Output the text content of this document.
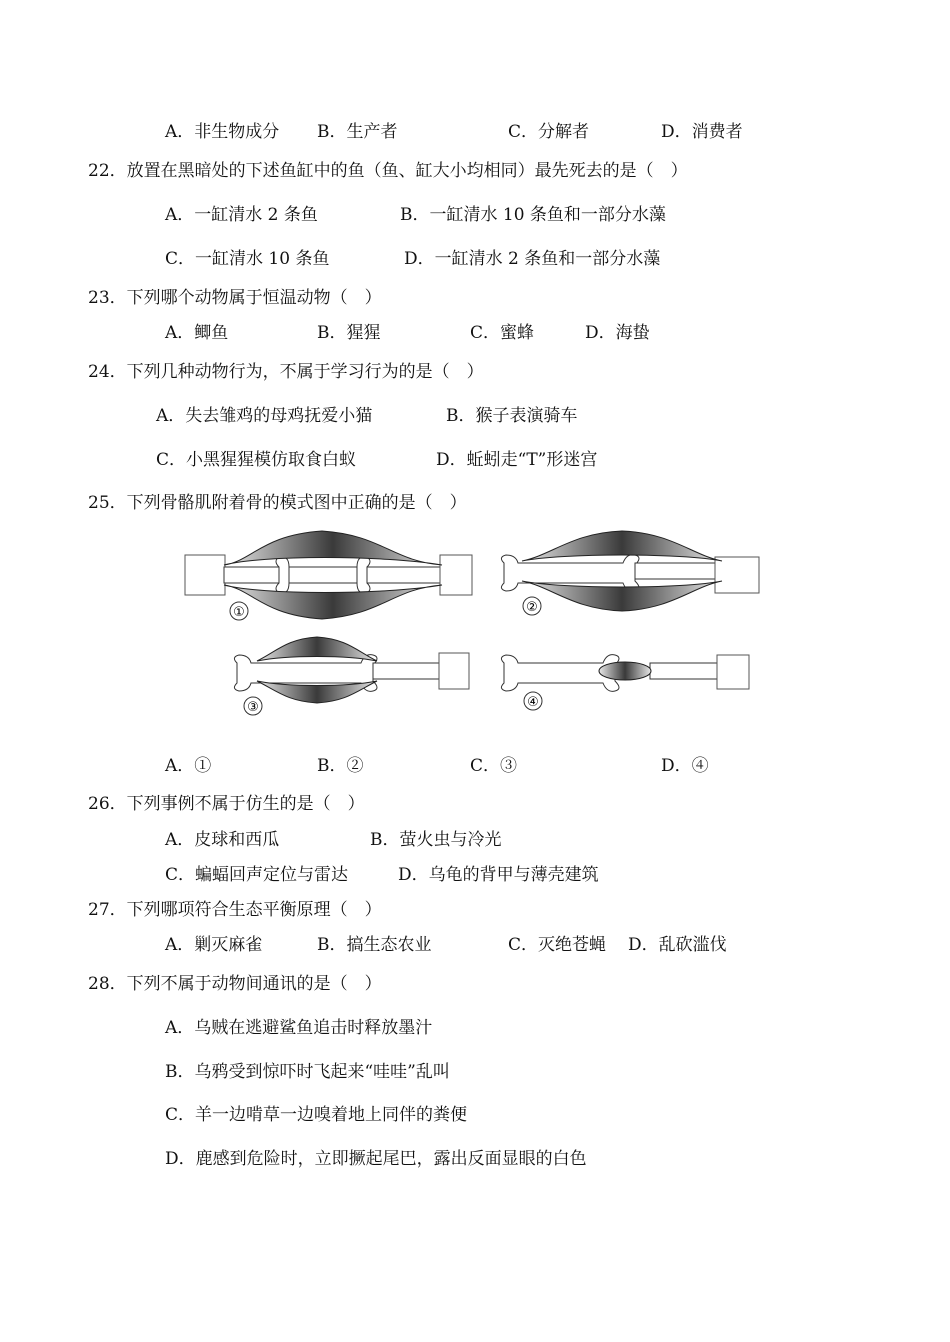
A．非生物成分 B．生产者	C．分解者	D．消费者
22．放置在黑暗处的下述鱼缸中的鱼（鱼、缸大小均相同）最先死去的是（　）
A．一缸清水 2 条鱼	B．一缸清水 10 条鱼和一部分水藻
C．一缸清水 10 条鱼	D．一缸清水 2 条鱼和一部分水藻
23．下列哪个动物属于恒温动物（　）
A．鲫鱼	B．猩猩	C．蜜蜂	D．海蛰
24．下列几种动物行为，不属于学习行为的是（　）
A．失去雏鸡的母鸡抚爱小猫	B．猴子表演骑车
C．小黑猩猩模仿取食白蚁	D．蚯蚓走“T”形迷宫
25．下列骨骼肌附着骨的模式图中正确的是（　）
①	②
③	④
A．①	B．②	C．③	D．④
26．下列事例不属于仿生的是（　）
A．皮球和西瓜	B．萤火虫与冷光
C．蝙蝠回声定位与雷达	D．乌龟的背甲与薄壳建筑
27．下列哪项符合生态平衡原理（　）
A．剿灭麻雀	B．搞生态农业	C．灭绝苍蝇 D．乱砍滥伐
28．下列不属于动物间通讯的是（　）
A．乌贼在逃避鲨鱼追击时释放墨汁
B．乌鸦受到惊吓时飞起来“哇哇”乱叫
C．羊一边啃草一边嗅着地上同伴的粪便
D．鹿感到危险时，立即撅起尾巴，露出反面显眼的白色
